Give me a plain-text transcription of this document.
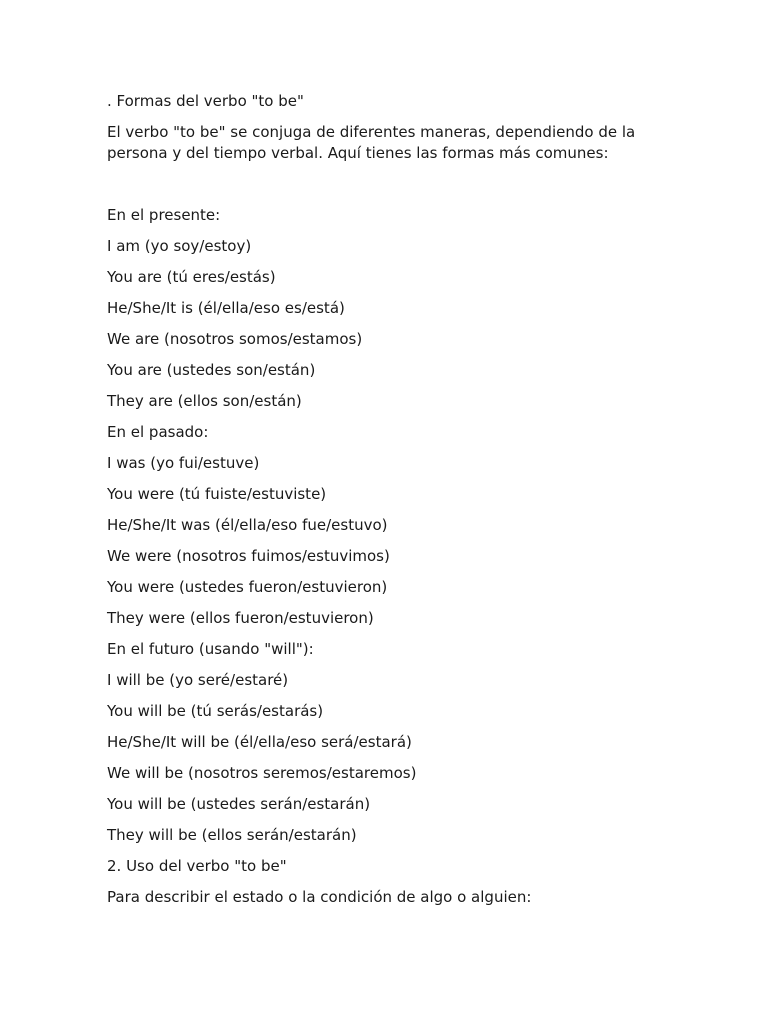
. Formas del verbo "to be"
El verbo "to be" se conjuga de diferentes maneras, dependiendo de la persona y del tiempo verbal. Aquí tienes las formas más comunes:
En el presente:
I am (yo soy/estoy)
You are (tú eres/estás)
He/She/It is (él/ella/eso es/está)
We are (nosotros somos/estamos)
You are (ustedes son/están)
They are (ellos son/están)
En el pasado:
I was (yo fui/estuve)
You were (tú fuiste/estuviste)
He/She/It was (él/ella/eso fue/estuvo)
We were (nosotros fuimos/estuvimos)
You were (ustedes fueron/estuvieron)
They were (ellos fueron/estuvieron)
En el futuro (usando "will"):
I will be (yo seré/estaré)
You will be (tú serás/estarás)
He/She/It will be (él/ella/eso será/estará)
We will be (nosotros seremos/estaremos)
You will be (ustedes serán/estarán)
They will be (ellos serán/estarán)
2. Uso del verbo "to be"
Para describir el estado o la condición de algo o alguien:
